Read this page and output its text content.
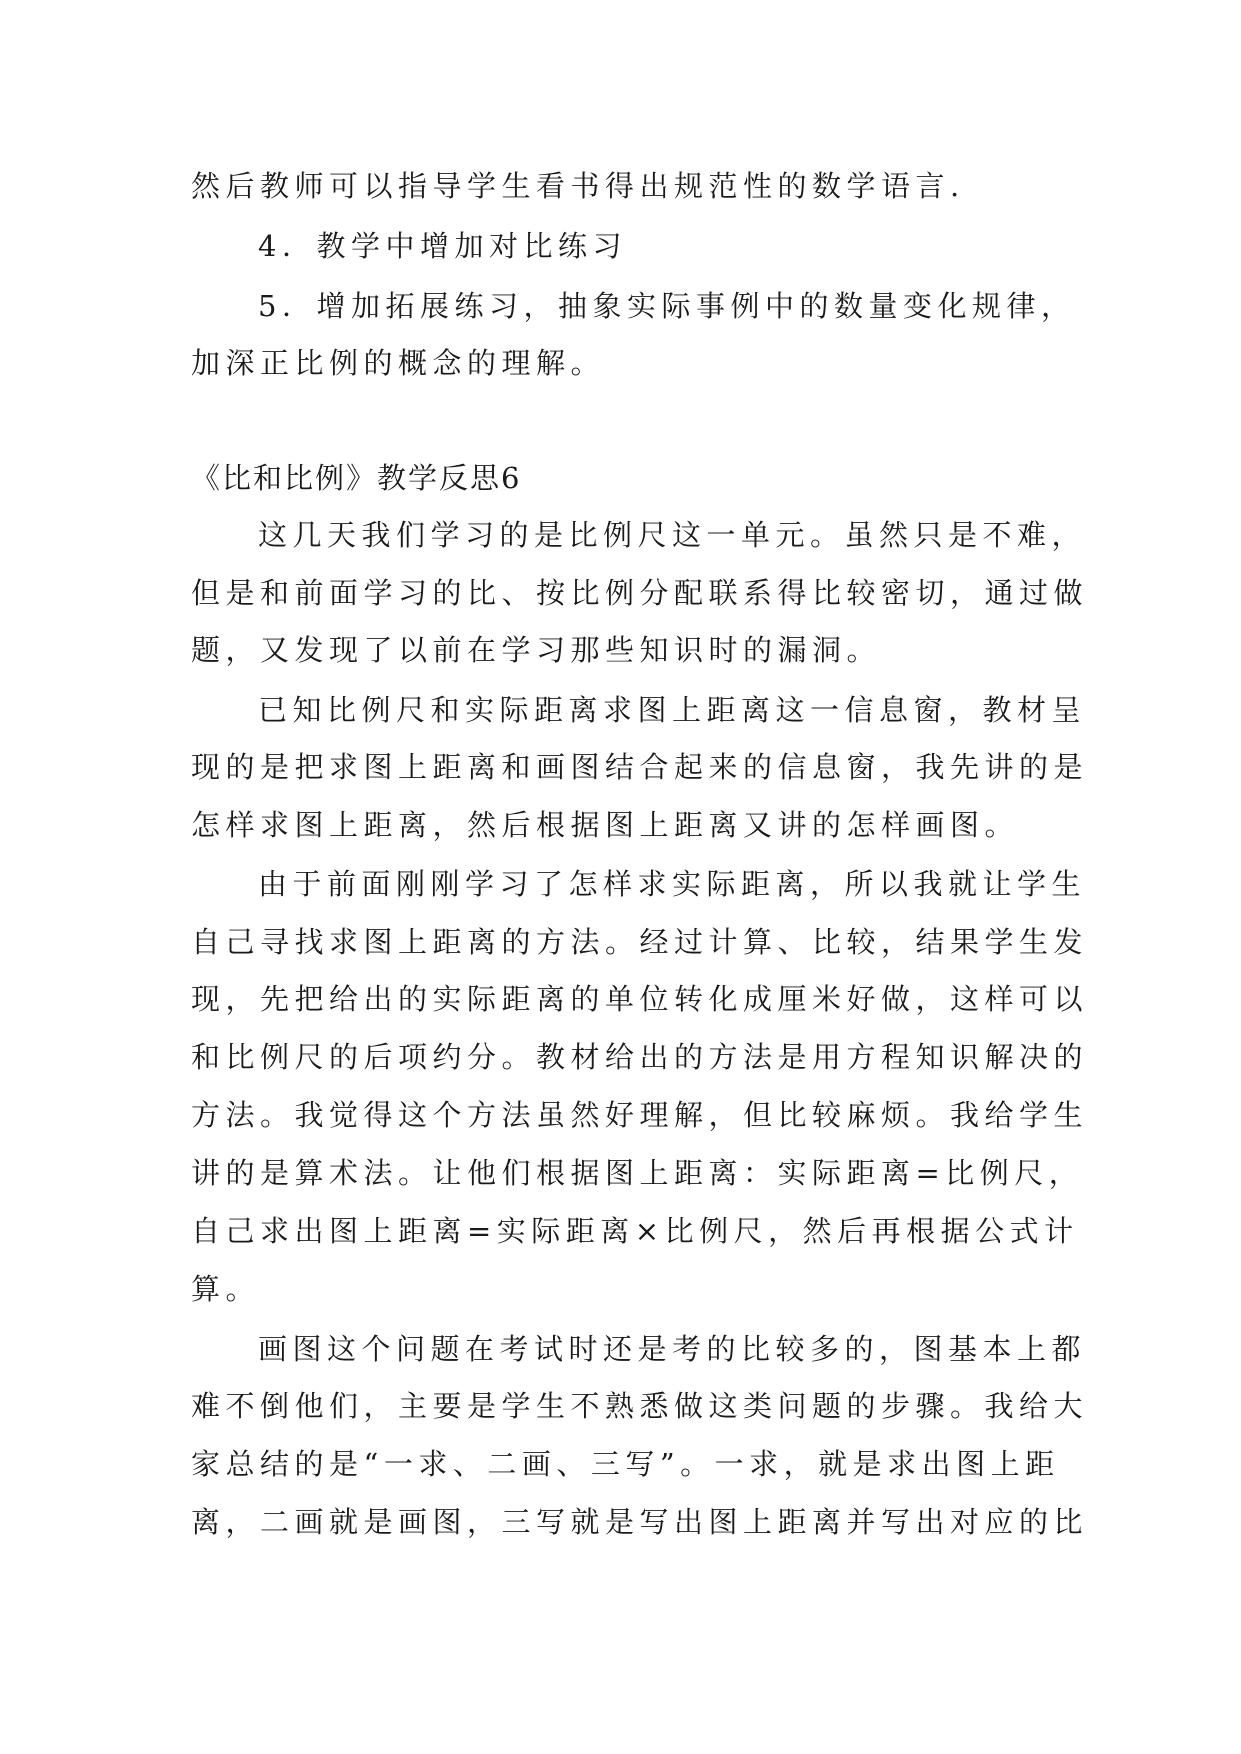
然后教师可以指导学生看书得出规范性的数学语言.
4．教学中增加对比练习
5．增加拓展练习，抽象实际事例中的数量变化规律，
加深正比例的概念的理解。
《比和比例》教学反思6
这几天我们学习的是比例尺这一单元。虽然只是不难，
但是和前面学习的比、按比例分配联系得比较密切，通过做
题，又发现了以前在学习那些知识时的漏洞。
已知比例尺和实际距离求图上距离这一信息窗，教材呈
现的是把求图上距离和画图结合起来的信息窗，我先讲的是
怎样求图上距离，然后根据图上距离又讲的怎样画图。
由于前面刚刚学习了怎样求实际距离，所以我就让学生
自己寻找求图上距离的方法。经过计算、比较，结果学生发
现，先把给出的实际距离的单位转化成厘米好做，这样可以
和比例尺的后项约分。教材给出的方法是用方程知识解决的
方法。我觉得这个方法虽然好理解，但比较麻烦。我给学生
讲的是算术法。让他们根据图上距离：实际距离=比例尺，
自己求出图上距离=实际距离×比例尺，然后再根据公式计
算。
画图这个问题在考试时还是考的比较多的，图基本上都
难不倒他们，主要是学生不熟悉做这类问题的步骤。我给大
家总结的是“一求、二画、三写”。一求，就是求出图上距
离，二画就是画图，三写就是写出图上距离并写出对应的比
